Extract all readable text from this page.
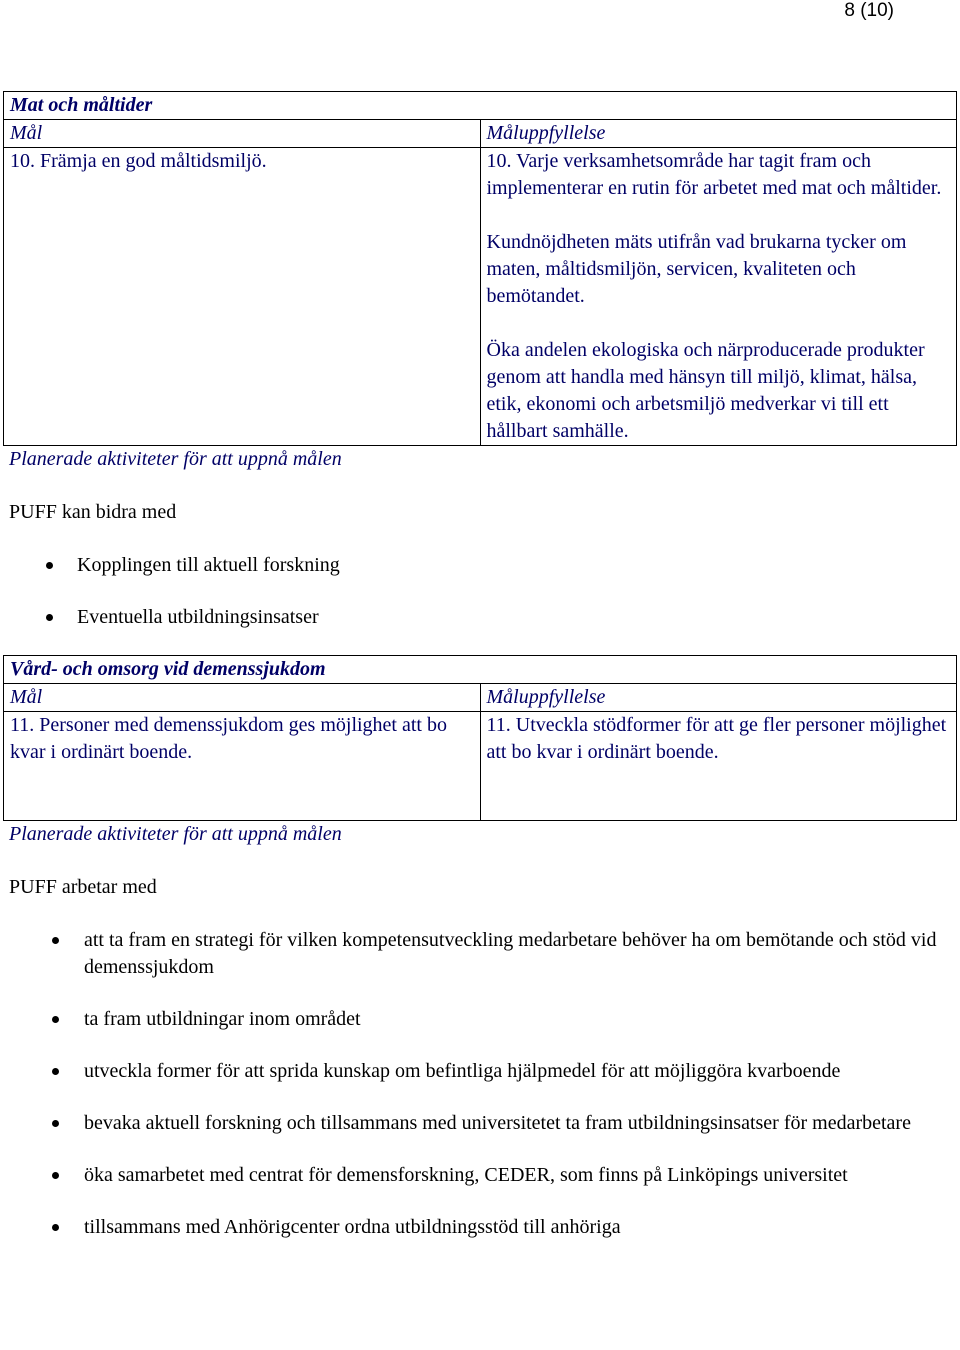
8 (10)
Mat och måltider	
Mål	Måluppfyllelse
10. Främja en god måltidsmiljö.	10. Varje verksamhetsområde har tagit fram och implementerar en rutin för arbetet med mat och måltider.

Kundnöjdheten mäts utifrån vad brukarna tycker om maten, måltidsmiljön, servicen, kvaliteten och bemötandet.

Öka andelen ekologiska och närproducerade produkter genom att handla med hänsyn till miljö, klimat, hälsa, etik, ekonomi och arbetsmiljö medverkar vi till ett hållbart samhälle.

Planerade aktiviteter för att uppnå målen

PUFF kan bidra med

Kopplingen till aktuell forskning
Eventuella utbildningsinsatser
Vård- och omsorg vid demenssjukdom	
Mål	Måluppfyllelse
11. Personer med demenssjukdom ges möjlighet att bo kvar i ordinärt boende.	11. Utveckla stödformer för att ge fler personer möjlighet att bo kvar i ordinärt boende.

Planerade aktiviteter för att uppnå målen

PUFF arbetar med

att ta fram en strategi för vilken kompetensutveckling medarbetare behöver ha om bemötande och stöd vid demenssjukdom
ta fram utbildningar inom området
utveckla former för att sprida kunskap om befintliga hjälpmedel för att möjliggöra kvarboende
bevaka aktuell forskning och tillsammans med universitetet ta fram utbildningsinsatser för medarbetare
öka samarbetet med centrat för demensforskning, CEDER, som finns på Linköpings universitet
tillsammans med Anhörigcenter ordna utbildningsstöd till anhöriga
